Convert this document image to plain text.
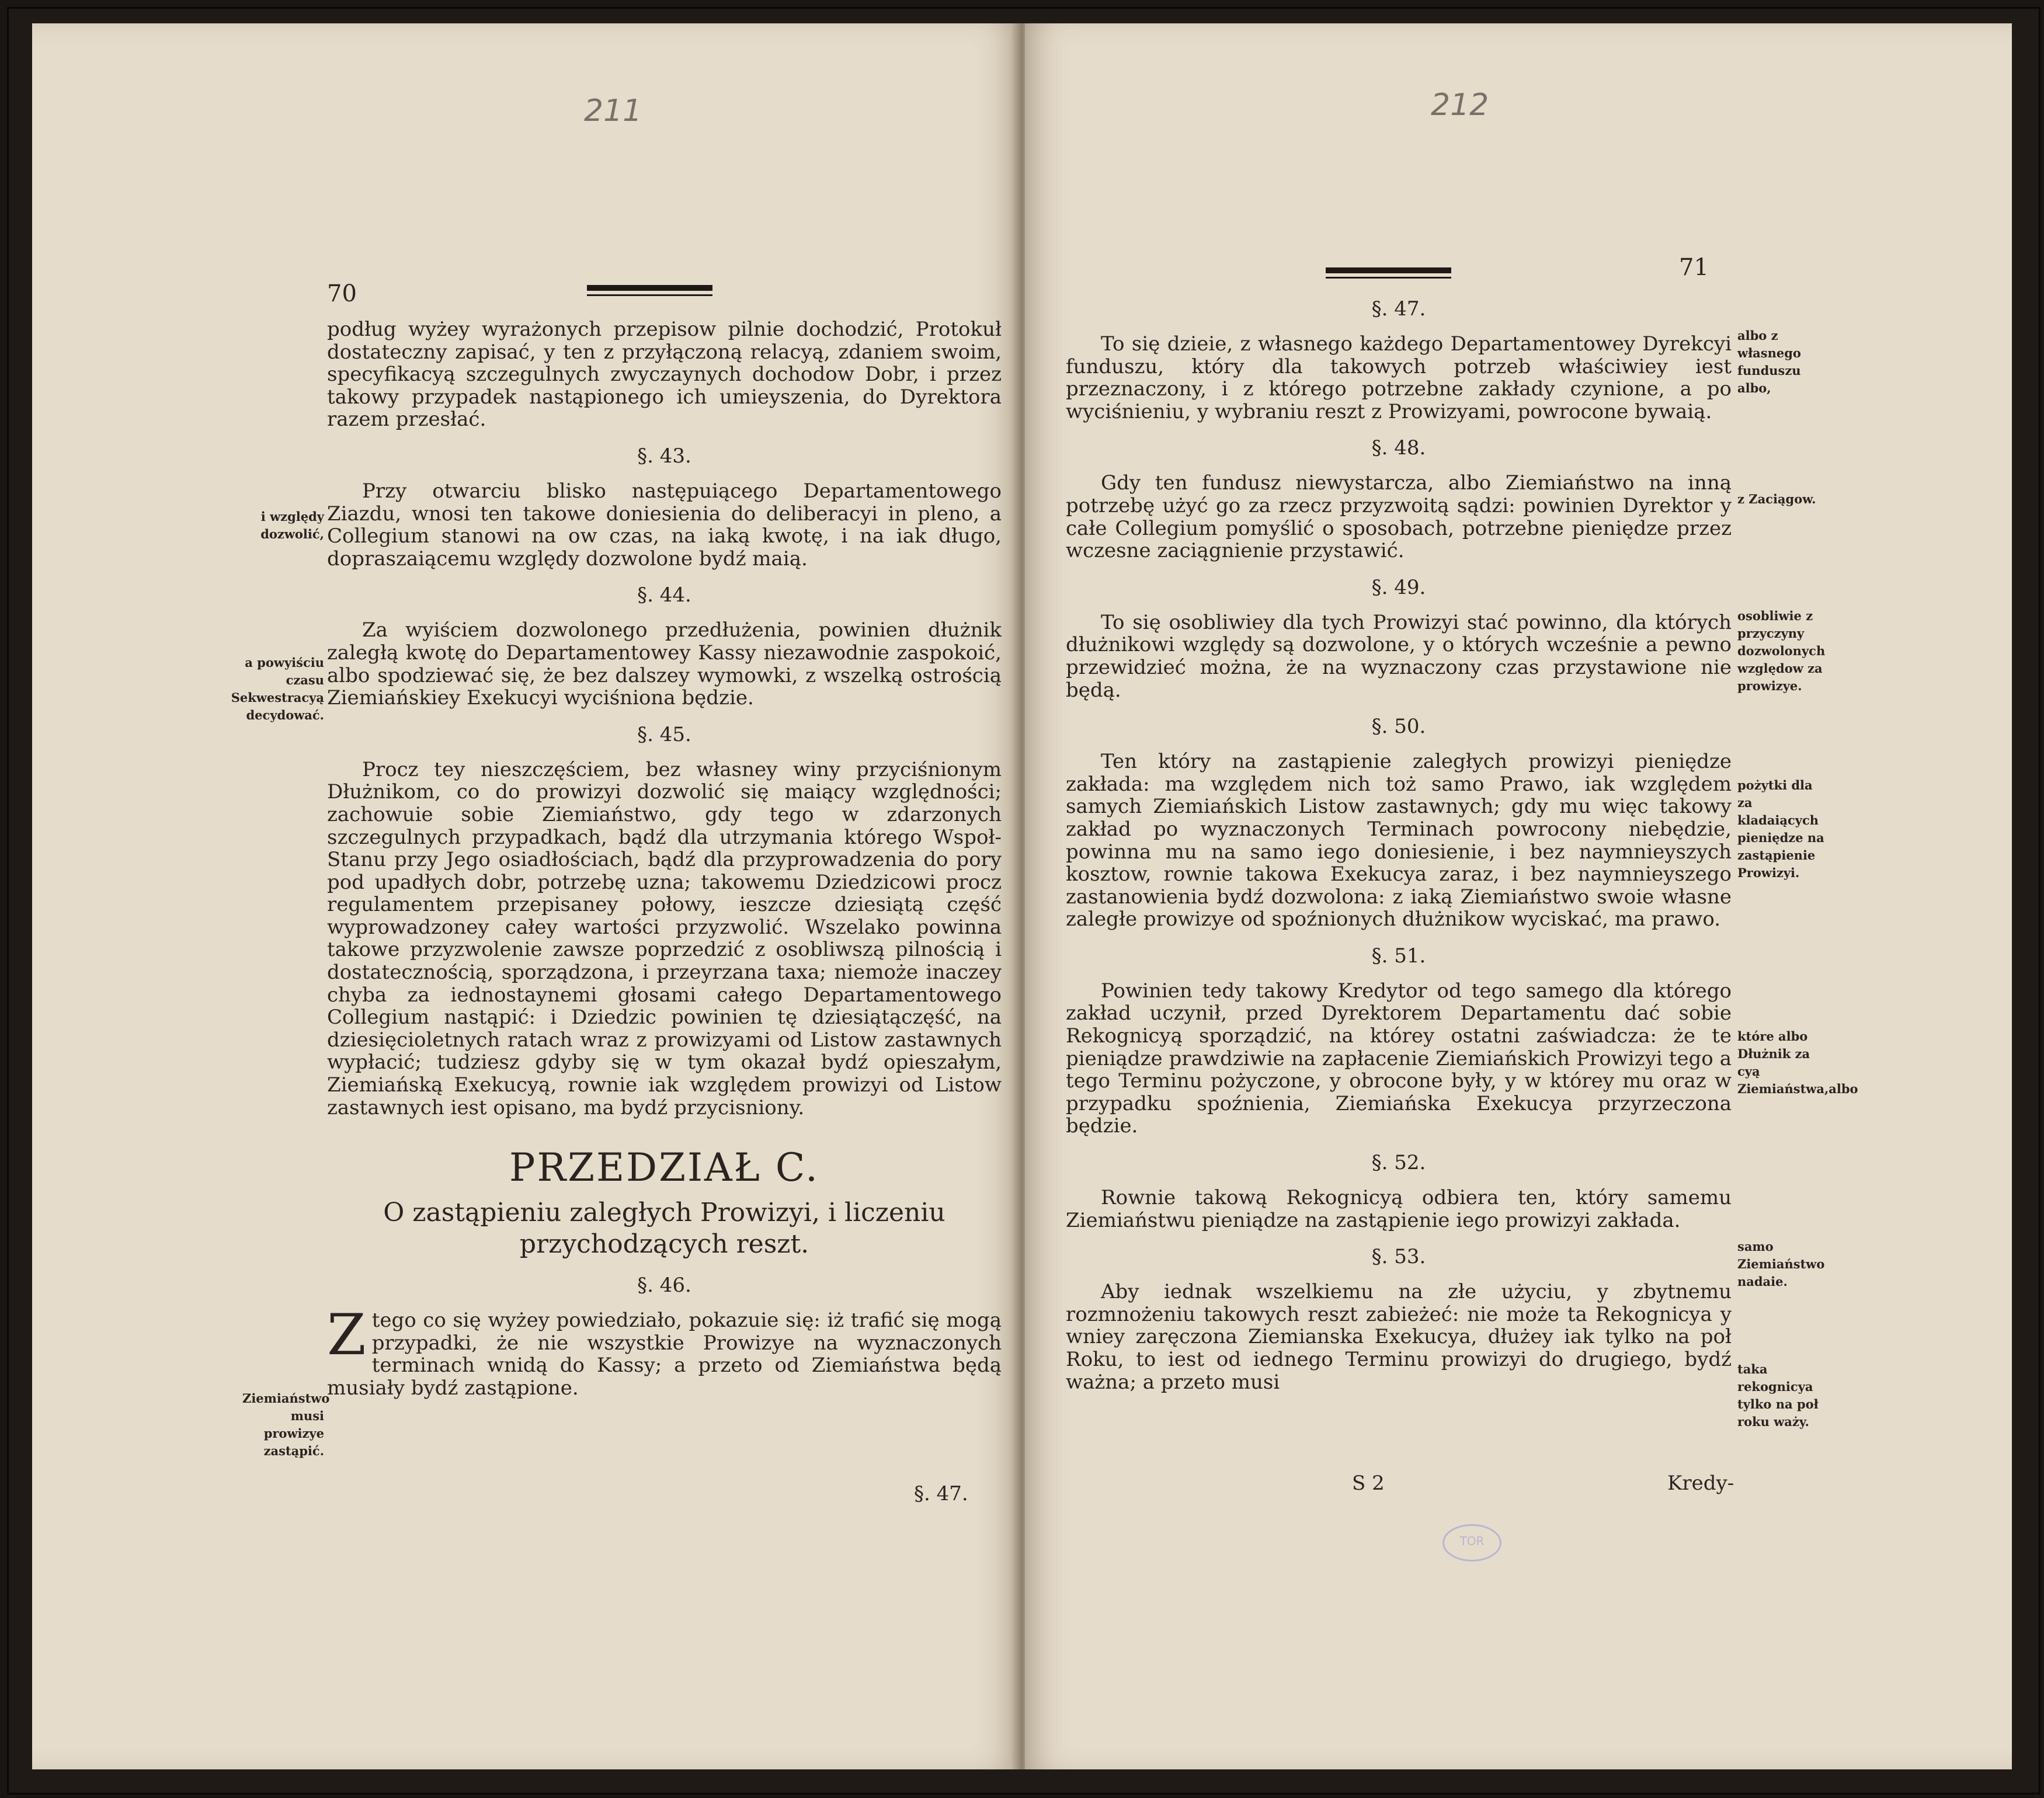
211
70
i względy dozwolić,
a powyiściu czasu Sekwestracyą decydować.
Ziemiaństwo musi prowizye zastąpić.

podług wyżey wyrażonych przepisow pilnie dochodzić, Protokuł dostateczny zapisać, y ten z przyłączoną relacyą, zdaniem swoim, specyfikacyą szczegulnych zwyczaynych dochodow Dobr, i przez takowy przypadek nastąpionego ich umieyszenia, do Dyrektora razem przesłać.

§. 43.

Przy otwarciu blisko następuiącego Departamentowego Ziazdu, wnosi ten takowe doniesienia do deliberacyi in pleno, a Collegium stanowi na ow czas, na iaką kwotę, i na iak długo, dopraszaiącemu względy dozwolone bydź maią.

§. 44.

Za wyiściem dozwolonego przedłużenia, powinien dłużnik zaległą kwotę do Departamentowey Kassy niezawodnie zaspokoić, albo spodziewać się, że bez dalszey wymowki, z wszelką ostrością Ziemiańskiey Exekucyi wyciśniona będzie.

§. 45.

Procz tey nieszczęściem, bez własney winy przyciśnionym Dłużnikom, co do prowizyi dozwolić się maiący względności; zachowuie sobie Ziemiaństwo, gdy tego w zdarzonych szczegulnych przypadkach, bądź dla utrzymania którego Wspoł-Stanu przy Jego osiadłościach, bądź dla przyprowadzenia do pory pod upadłych dobr, potrzebę uzna; takowemu Dziedzicowi procz regulamentem przepisaney połowy, ieszcze dziesiątą część wyprowadzoney całey wartości przyzwolić. Wszelako powinna takowe przyzwolenie zawsze poprzedzić z osobliwszą pilnością i dostatecznością, sporządzona, i przeyrzana taxa; niemoże inaczey chyba za iednostaynemi głosami całego Departamentowego Collegium nastąpić: i Dziedzic powinien tę dziesiątączęść, na dziesięcioletnych ratach wraz z prowizyami od Listow zastawnych wypłacić; tudziesz gdyby się w tym okazał bydź opieszałym, Ziemiańską Exekucyą, rownie iak względem prowizyi od Listow zastawnych iest opisano, ma bydź przycisniony.

PRZEDZIAŁ C.
O zastąpieniu zaległych Prowizyi, i liczeniu przychodzących reszt.
§. 46.

Ztego co się wyżey powiedziało, pokazuie się: iż trafić się mogą przypadki, że nie wszystkie Prowizye na wyznaczonych terminach wnidą do Kassy; a przeto od Ziemiaństwa będą musiały bydź zastąpione.

§. 47.
212
71
§. 47.

To się dzieie, z własnego każdego Departamentowey Dyrekcyi funduszu, który dla takowych potrzeb właściwiey iest przeznaczony, i z którego potrzebne zakłady czynione, a po wyciśnieniu, y wybraniu reszt z Prowizyami, powrocone bywaią.

§. 48.

Gdy ten fundusz niewystarcza, albo Ziemiaństwo na inną potrzebę użyć go za rzecz przyzwoitą sądzi: powinien Dyrektor y całe Collegium pomyślić o sposobach, potrzebne pieniędze przez wczesne zaciągnienie przystawić.

§. 49.

To się osobliwiey dla tych Prowizyi stać powinno, dla których dłużnikowi względy są dozwolone, y o których wcześnie a pewno przewidzieć można, że na wyznaczony czas przystawione nie będą.

§. 50.

Ten który na zastąpienie zaległych prowizyi pieniędze zakłada: ma względem nich toż samo Prawo, iak względem samych Ziemiańskich Listow zastawnych; gdy mu więc takowy zakład po wyznaczonych Terminach powrocony niebędzie, powinna mu na samo iego doniesienie, i bez naymnieyszych kosztow, rownie takowa Exekucya zaraz, i bez naymnieyszego zastanowienia bydź dozwolona: z iaką Ziemiaństwo swoie własne zaległe prowizye od spoźnionych dłużnikow wyciskać, ma prawo.

§. 51.

Powinien tedy takowy Kredytor od tego samego dla którego zakład uczynił, przed Dyrektorem Departamentu dać sobie Rekognicyą sporządzić, na którey ostatni zaświadcza: że te pieniądze prawdziwie na zapłacenie Ziemiańskich Prowizyi tego a tego Terminu pożyczone, y obrocone były, y w którey mu oraz w przypadku spoźnienia, Ziemiańska Exekucya przyrzeczona będzie.

§. 52.

Rownie takową Rekognicyą odbiera ten, który samemu Ziemiaństwu pieniądze na zastąpienie iego prowizyi zakłada.

§. 53.

Aby iednak wszelkiemu na złe użyciu, y zbytnemu rozmnożeniu takowych reszt zabieżeć: nie może ta Rekognicya y wniey zaręczona Ziemianska Exekucya, dłużey iak tylko na poł Roku, to iest od iednego Terminu prowizyi do drugiego, bydź ważna; a przeto musi

S 2	Kredy-
albo z własnego funduszu albo,
z Zaciągow.
osobliwie z przyczyny dozwolonych względow za prowizye.
pożytki dla za kladaiących pieniędze na zastąpienie Prowizyi.
które albo Dłużnik za cyą Ziemiaństwa,albo
samo Ziemiaństwo nadaie.
taka rekognicya tylko na poł roku waży.
TOR
